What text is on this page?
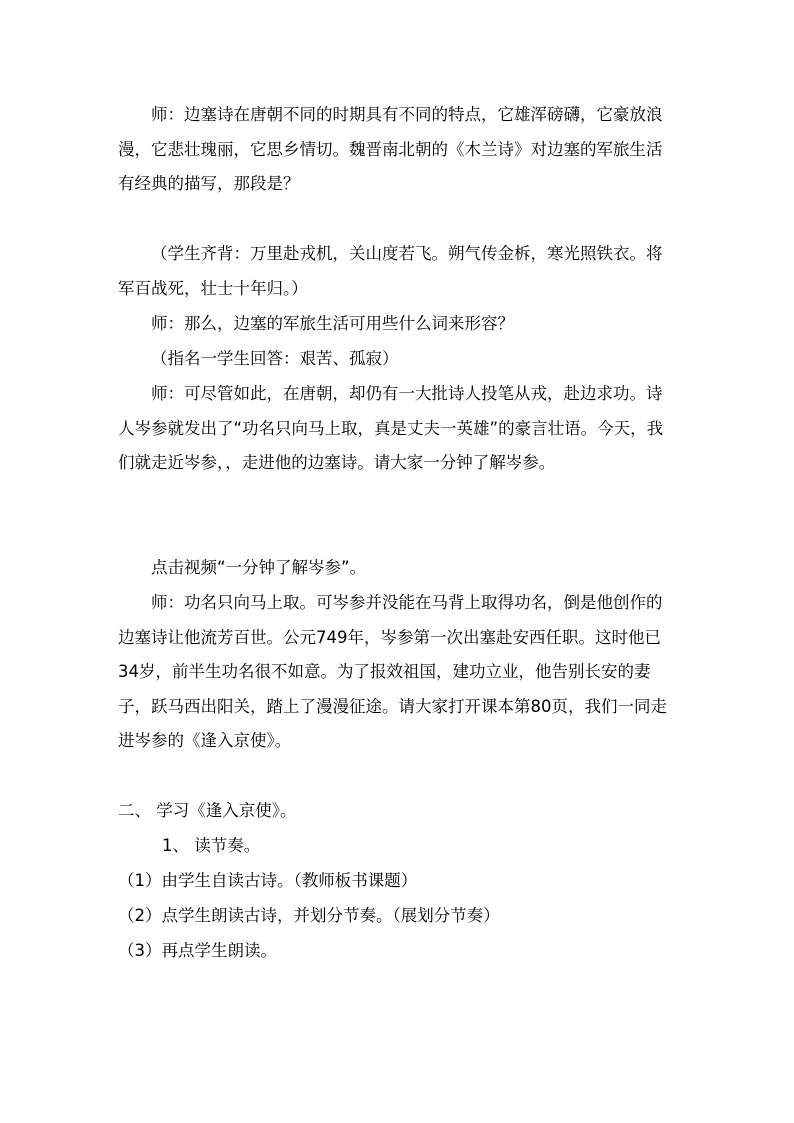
师：边塞诗在唐朝不同的时期具有不同的特点，它雄浑磅礴，它豪放浪漫，它悲壮瑰丽，它思乡情切。魏晋南北朝的《木兰诗》对边塞的军旅生活有经典的描写，那段是？

（学生齐背：万里赴戎机，关山度若飞。朔气传金柝，寒光照铁衣。将军百战死，壮士十年归。）

师：那么，边塞的军旅生活可用些什么词来形容？

（指名一学生回答：艰苦、孤寂）

师：可尽管如此，在唐朝，却仍有一大批诗人投笔从戎，赴边求功。诗人岑参就发出了“功名只向马上取，真是丈夫一英雄”的豪言壮语。今天，我们就走近岑参，，走进他的边塞诗。请大家一分钟了解岑参。

点击视频“一分钟了解岑参”。

师：功名只向马上取。可岑参并没能在马背上取得功名，倒是他创作的边塞诗让他流芳百世。公元749年，岑参第一次出塞赴安西任职。这时他已34岁，前半生功名很不如意。为了报效祖国，建功立业，他告别长安的妻子，跃马西出阳关，踏上了漫漫征途。请大家打开课本第80页，我们一同走进岑参的《逢入京使》。

二、 学习《逢入京使》。

1、 读节奏。

（1）由学生自读古诗。（教师板书课题）

（2）点学生朗读古诗，并划分节奏。（展划分节奏）

（3）再点学生朗读。
